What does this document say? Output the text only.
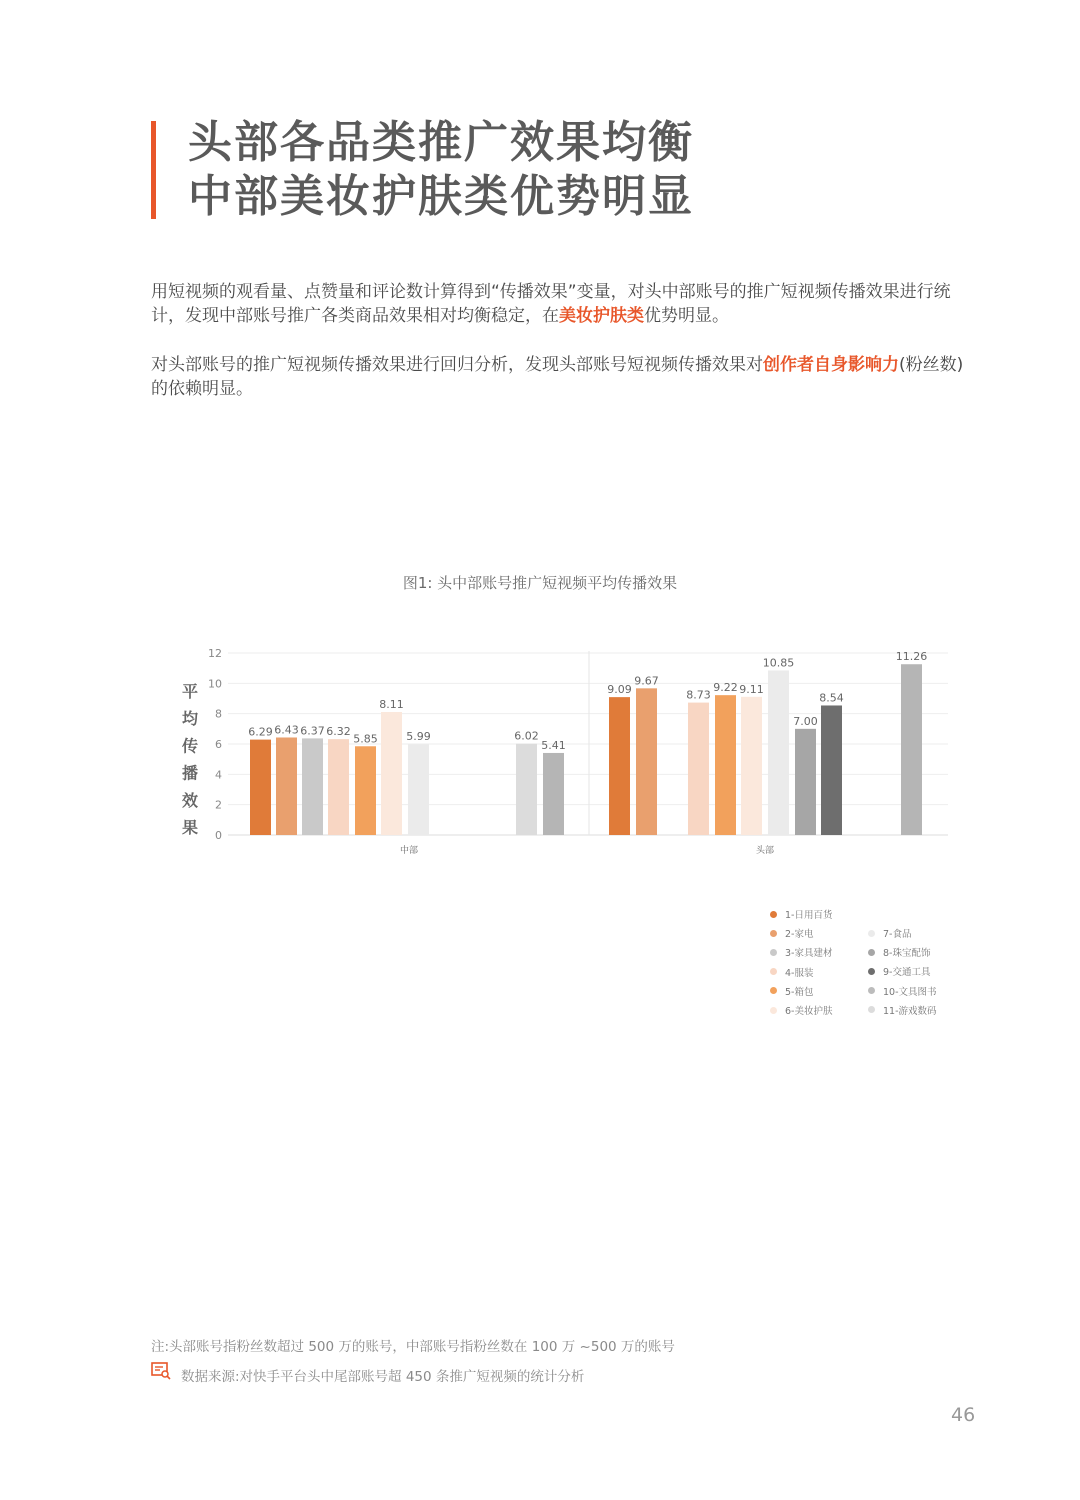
头部各品类推广效果均衡
中部美妆护肤类优势明显
用短视频的观看量、点赞量和评论数计算得到“传播效果”变量，对头中部账号的推广短视频传播效果进行统计，发现中部账号推广各类商品效果相对均衡稳定，在美妆护肤类优势明显。
对头部账号的推广短视频传播效果进行回归分析，发现头部账号短视频传播效果对创作者自身影响力(粉丝数)的依赖明显。
图1: 头中部账号推广短视频平均传播效果
0
2
4
6
8
10
12
平
均
传
播
效
果
6.29 6.43 6.37 6.32
5.85
8.11
5.99	6.02
5.41
9.09
9.67
8.73
9.22 9.11
10.85
7.00
8.54
11.26
中部	头部
1-日用百货
2-家电
3-家具建材
4-服装
5-箱包
6-美妆护肤
7-食品
8-珠宝配饰
9-交通工具
10-文具图书
11-游戏数码
注:头部账号指粉丝数超过 500 万的账号，中部账号指粉丝数在 100 万 ~500 万的账号
数据来源:对快手平台头中尾部账号超 450 条推广短视频的统计分析
46
